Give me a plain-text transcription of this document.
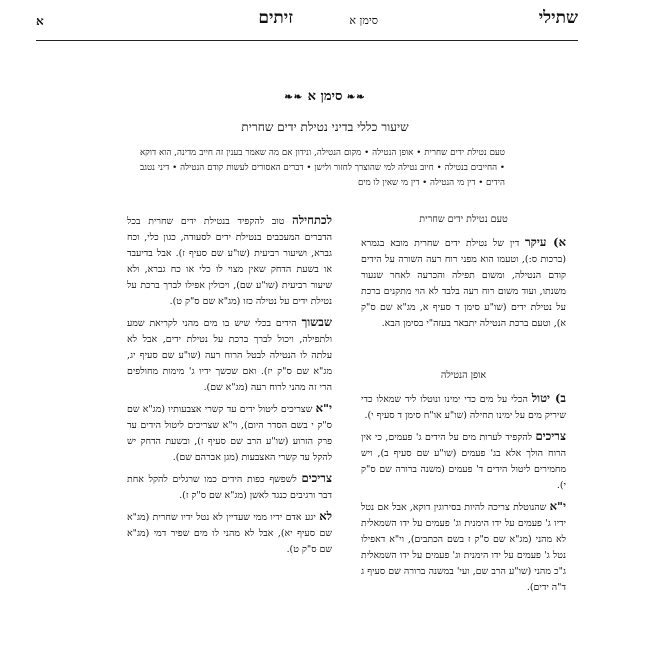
שתילי
סימן א
זיתים
א
❧❧ סימן א ❧❧
שיעור כללי בדיני נטילת ידים שחרית
טעם נטילת ידים שחרית • אופן הנטילה • מקום הנטילה, ונידון אם מה שאמר בענין זה חייב מדינה, הוא דוקא • החייבים בנטילה • חיוב נטילה למי שהוצרך לחזור ולישן • דברים האסורים לעשות קודם הנטילה • דיני נטגב הידים • דין מי הנטילה • דין מי שאין לו מים
טעם נטילת ידים שחרית
א) עיקר דין של נטילת ידים שחרית מובא בגמרא (ברכות ס:), וטעמו הוא מפני רוח רעה השורה על הידים קודם הנטילה, ומשום תפילה והכרעה לאחר שנעור משנתו, ועוד משום רוח רעה בלבד לא הוי מתקנים ברכת על נטילת ידים (שו"ע סימן ד סעיף א, מג"א שם ס"ק א), וטעם ברכת הנטילה יתבאר בעזה"י בסימן הבא.
אופן הנטילה
ב) יטול הכלי על מים כדי ימינו ונוטלו ליד שמאלו כדי שיריק מים על ימינו תחילה (שו"ע או"ח סימן ד סעיף י).
צריכים להקפיד לערות מים על הידים ג' פעמים, כי אין הרוח הולך אלא בג' פעמים (שו"ע שם סעיף ב), ויש מחמירים ליטול הידים ד' פעמים (משנה ברורה שם ס"ק י).
י"א שהנוטלת צריכה להיות בסירוגין דוקא, אבל אם נטל ידיו ג' פעמים על ידו הימנית וג' פעמים על ידו השמאלית לא מהני (מג"א שם ס"ק ז בשם הכתבים), וי"א דאפילו נטל ג' פעמים על ידו הימנית וג' פעמים על ידו השמאלית ג"כ מהני (שו"ע הרב שם, ועי' במשנה ברורה שם סעיף ג ד"ה ידים).
לכתחילה טוב להקפיד בנטילת ידים שחרית בכל הדברים המעכבים בנטילת ידים לסעודה, כגון כלי, וכח גברא, ושיעור רביעית (שו"ע שם סעיף ז). אבל בדיעבד או בשעת הדחק שאין מצוי לו כלי או כח גברא, ולא שיעור רביעית (שו"ע שם), ויכולין אפילו לברך ברכת על נטילת ידים על נטילה כזו (מג"א שם ס"ק ט).
שבשוך הידים בכלי שיש בו מים מהני לקריאת שמע ולתפילה, ויכול לברך ברכת על נטילת ידים, אבל לא עלתה לו הנטילה לבטל הרוח רעה (שו"ע שם סעיף יג, מג"א שם ס"ק יז). ואם שכשך ידיו ג' מימות מחולפים הרי זה מהני לרוח רעה (מג"א שם).
י"א שצריכים ליטול ידים עד קשרי אצבעותיו (מג"א שם ס"ק י בשם הסדר היום), וי"א שצריכים ליטול הידים עד פרק הזרוע (שו"ע הרב שם סעיף ז), ובשעת הדחק יש להקל עד קשרי האצבעות (מגן אברהם שם).
צריכים לשפשף כפות הידים כמו שרגלים להקל אחת דבר ורגיבים כנגד לאשן (מג"א שם ס"ק ז).
לא יגע אדם ידיו ממי שעדיין לא נטל ידיו שחרית (מג"א שם סעיף יא), אבל לא מהני לו מים שפיר דמי (מג"א שם ס"ק ט).
